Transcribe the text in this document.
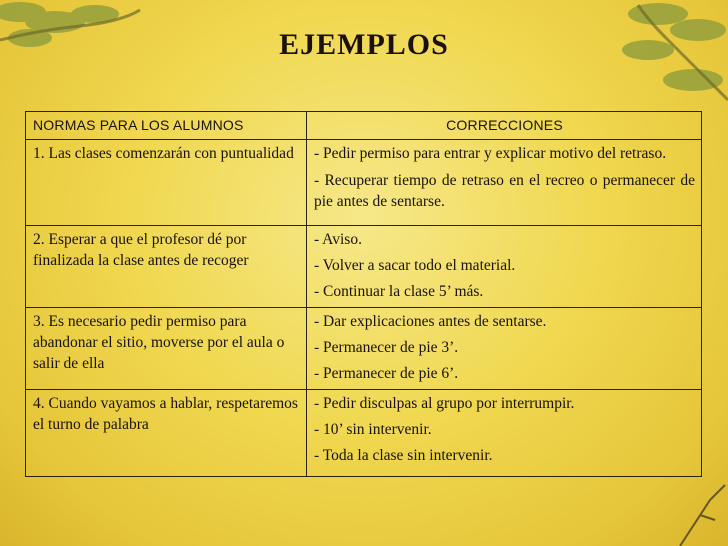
EJEMPLOS
NORMAS PARA LOS ALUMNOS	CORRECCIONES
1. Las clases comenzarán con puntualidad	- Pedir permiso para entrar y explicar motivo del retraso.

- Recuperar tiempo de retraso en el recreo o permanecer de pie antes de sentarse.

2. Esperar a que el profesor dé por finalizada la clase antes de recoger	- Aviso.

- Volver a sacar todo el material.

- Continuar la clase 5’ más.

3. Es necesario pedir permiso para abandonar el sitio, moverse por el aula o salir de ella	- Dar explicaciones antes de sentarse.

- Permanecer de pie 3’.

- Permanecer de pie 6’.

4. Cuando vayamos a hablar, respetaremos el turno de palabra	- Pedir disculpas al grupo por interrumpir.

- 10’ sin intervenir.

- Toda la clase sin intervenir.
